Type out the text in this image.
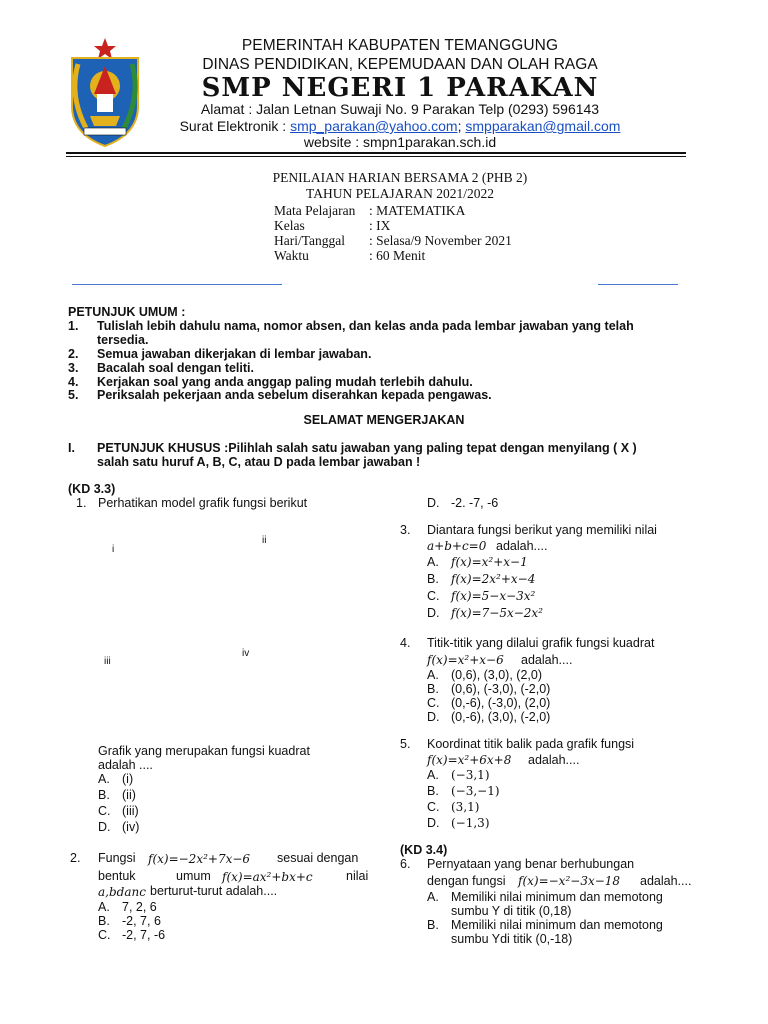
PEMERINTAH KABUPATEN TEMANGGUNG
DINAS PENDIDIKAN, KEPEMUDAAN DAN OLAH RAGA
SMP NEGERI 1 PARAKAN
Alamat : Jalan Letnan Suwaji No. 9 Parakan Telp (0293) 596143
Surat Elektronik : smp_parakan@yahoo.com; smpparakan@gmail.com
website : smpn1parakan.sch.id
PENILAIAN HARIAN BERSAMA 2 (PHB 2)
TAHUN PELAJARAN 2021/2022
Mata Pelajaran : MATEMATIKA
Kelas	: IX
Hari/Tanggal : Selasa/9 November 2021
Waktu	: 60 Menit
PETUNJUK UMUM :
1. Tulislah lebih dahulu nama, nomor absen, dan kelas anda pada lembar jawaban yang telah
tersedia.
2. Semua jawaban dikerjakan di lembar jawaban.
3. Bacalah soal dengan teliti.
4. Kerjakan soal yang anda anggap paling mudah terlebih dahulu.
5. Periksalah pekerjaan anda sebelum diserahkan kepada pengawas.
SELAMAT MENGERJAKAN
I. PETUNJUK KHUSUS :Pilihlah salah satu jawaban yang paling tepat dengan menyilang ( X )
salah satu huruf A, B, C, atau D pada lembar jawaban !
(KD 3.3)
1. Perhatikan model grafik fungsi berikut
i
ii
iii
iv
Grafik yang merupakan fungsi kuadrat
adalah ....
A. (i)
B. (ii)
C. (iii)
D. (iv)
2. Fungsi f(x)=−2x²+7x−6 sesuai dengan
bentuk	umum f(x)=ax²+bx+c	nilai
a,bdanc berturut-turut adalah....
A. 7, 2, 6
B. -2, 7, 6
C. -2, 7, -6
D. -2. -7, -6
3. Diantara fungsi berikut yang memiliki nilai
a+b+c=0 adalah....
A. f(x)=x²+x−1
B. f(x)=2x²+x−4
C. f(x)=5−x−3x²
D. f(x)=7−5x−2x²
4. Titik-titik yang dilalui grafik fungsi kuadrat
f(x)=x²+x−6 adalah....
A. (0,6), (3,0), (2,0)
B. (0,6), (-3,0), (-2,0)
C. (0,-6), (-3,0), (2,0)
D. (0,-6), (3,0), (-2,0)
5. Koordinat titik balik pada grafik fungsi
f(x)=x²+6x+8 adalah....
A. (−3,1)
B. (−3,−1)
C. (3,1)
D. (−1,3)
(KD 3.4)
6. Pernyataan yang benar berhubungan
dengan fungsi f(x)=−x²−3x−18 adalah....
A. Memiliki nilai minimum dan memotong
sumbu Y di titik (0,18)
B. Memiliki nilai minimum dan memotong
sumbu Ydi titik (0,-18)
